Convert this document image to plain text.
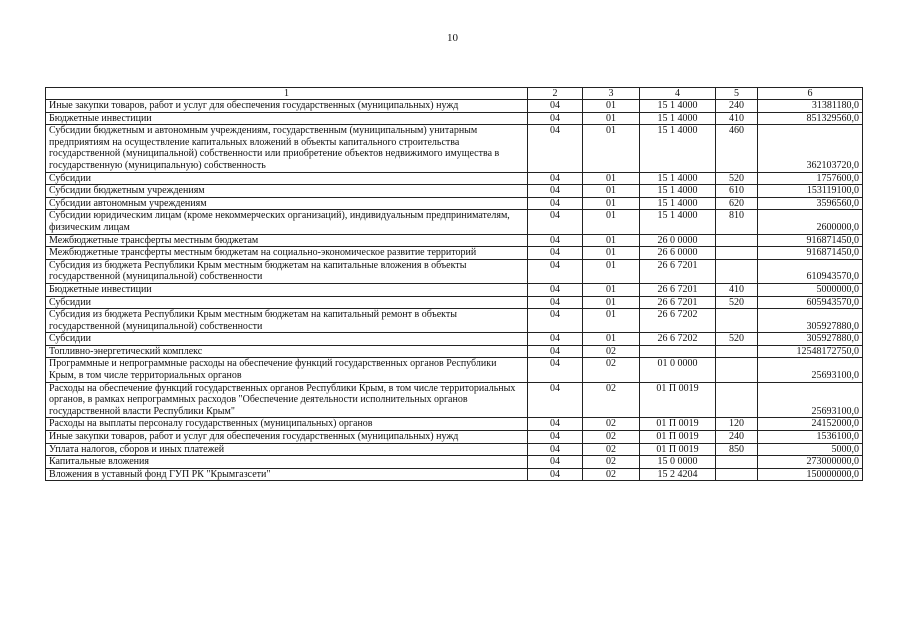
10
1	2	3	4	5	6
Иные закупки товаров, работ и услуг для обеспечения государственных (муниципальных) нужд	04	01	15 1 4000	240	31381180,0
Бюджетные инвестиции	04	01	15 1 4000	410	851329560,0
Субсидии бюджетным и автономным учреждениям, государственным (муниципальным) унитарным предприятиям на осуществление капитальных вложений в объекты капитального строительства государственной (муниципальной) собственности или приобретение объектов недвижимого имущества в государственную (муниципальную) собственность	04	01	15 1 4000	460	362103720,0
Субсидии	04	01	15 1 4000	520	1757600,0
Субсидии бюджетным учреждениям	04	01	15 1 4000	610	153119100,0
Субсидии автономным учреждениям	04	01	15 1 4000	620	3596560,0
Субсидии юридическим лицам (кроме некоммерческих организаций), индивидуальным предпринимателям, физическим лицам	04	01	15 1 4000	810	2600000,0
Межбюджетные трансферты местным бюджетам	04	01	26 0 0000		916871450,0
Межбюджетные трансферты местным бюджетам на социально-экономическое развитие территорий	04	01	26 6 0000		916871450,0
Субсидия из бюджета Республики Крым местным бюджетам на капитальные вложения в объекты государственной (муниципальной) собственности	04	01	26 6 7201		610943570,0
Бюджетные инвестиции	04	01	26 6 7201	410	5000000,0
Субсидии	04	01	26 6 7201	520	605943570,0
Субсидия из бюджета Республики Крым местным бюджетам на капитальный ремонт в объекты государственной (муниципальной) собственности	04	01	26 6 7202		305927880,0
Субсидии	04	01	26 6 7202	520	305927880,0
Топливно-энергетический комплекс	04	02			12548172750,0
Программные и непрограммные расходы на обеспечение функций государственных органов Республики Крым, в том числе территориальных органов	04	02	01 0 0000		25693100,0
Расходы на обеспечение функций государственных органов Республики Крым, в том числе территориальных органов, в рамках непрограммных расходов "Обеспечение деятельности исполнительных органов государственной власти Республики Крым"	04	02	01 П 0019		25693100,0
Расходы на выплаты персоналу государственных (муниципальных) органов	04	02	01 П 0019	120	24152000,0
Иные закупки товаров, работ и услуг для обеспечения государственных (муниципальных) нужд	04	02	01 П 0019	240	1536100,0
Уплата налогов, сборов и иных платежей	04	02	01 П 0019	850	5000,0
Капитальные вложения	04	02	15 0 0000		273000000,0
Вложения в уставный фонд ГУП РК "Крымгазсети"	04	02	15 2 4204		150000000,0
